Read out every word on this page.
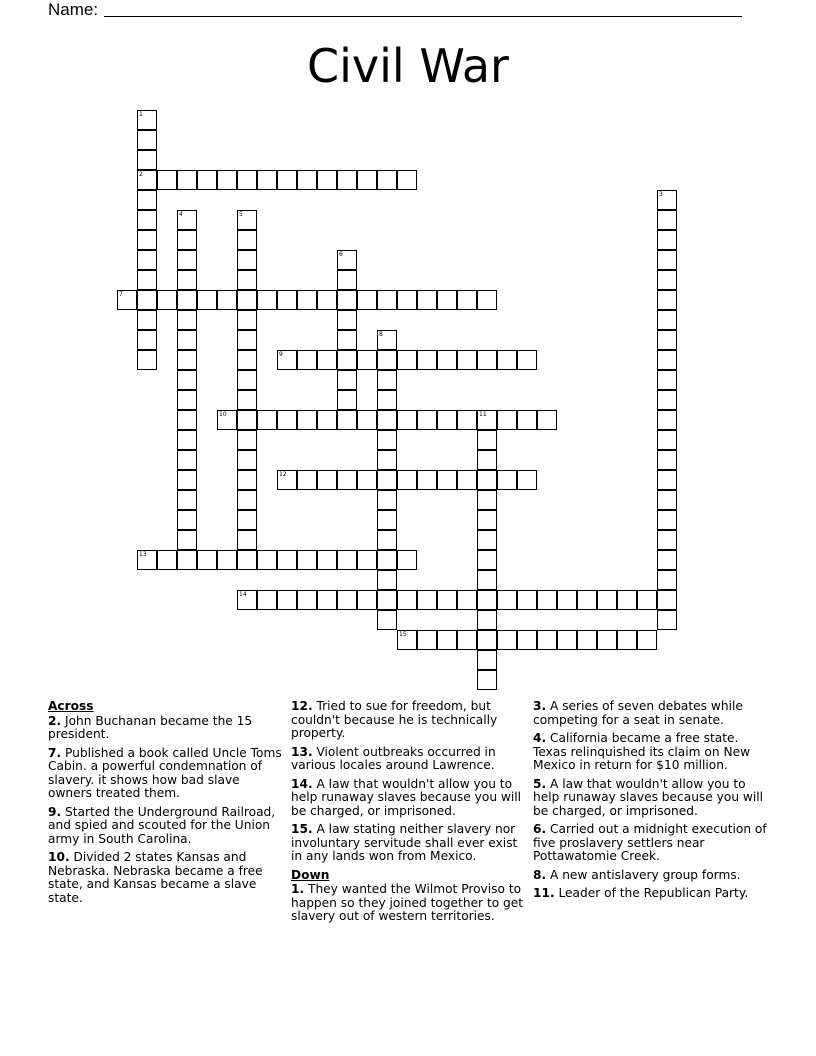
Name:
Civil War
1
2
3
4	5
6
7
8
9
10	11
12
13
14
15
Across
2. John Buchanan became the 15 president.
7. Published a book called Uncle Toms Cabin. a powerful condemnation of slavery. it shows how bad slave owners treated them.
9. Started the Underground Railroad, and spied and scouted for the Union army in South Carolina.
10. Divided 2 states Kansas and Nebraska. Nebraska became a free state, and Kansas became a slave state.
12. Tried to sue for freedom, but couldn't because he is technically property.
13. Violent outbreaks occurred in various locales around Lawrence.
14. A law that wouldn't allow you to help runaway slaves because you will be charged, or imprisoned.
15. A law stating neither slavery nor involuntary servitude shall ever exist in any lands won from Mexico.
Down
1. They wanted the Wilmot Proviso to happen so they joined together to get slavery out of western territories.
3. A series of seven debates while competing for a seat in senate.
4. California became a free state. Texas relinquished its claim on New Mexico in return for $10 million.
5. A law that wouldn't allow you to help runaway slaves because you will be charged, or imprisoned.
6. Carried out a midnight execution of five proslavery settlers near Pottawatomie Creek.
8. A new antislavery group forms.
11. Leader of the Republican Party.
